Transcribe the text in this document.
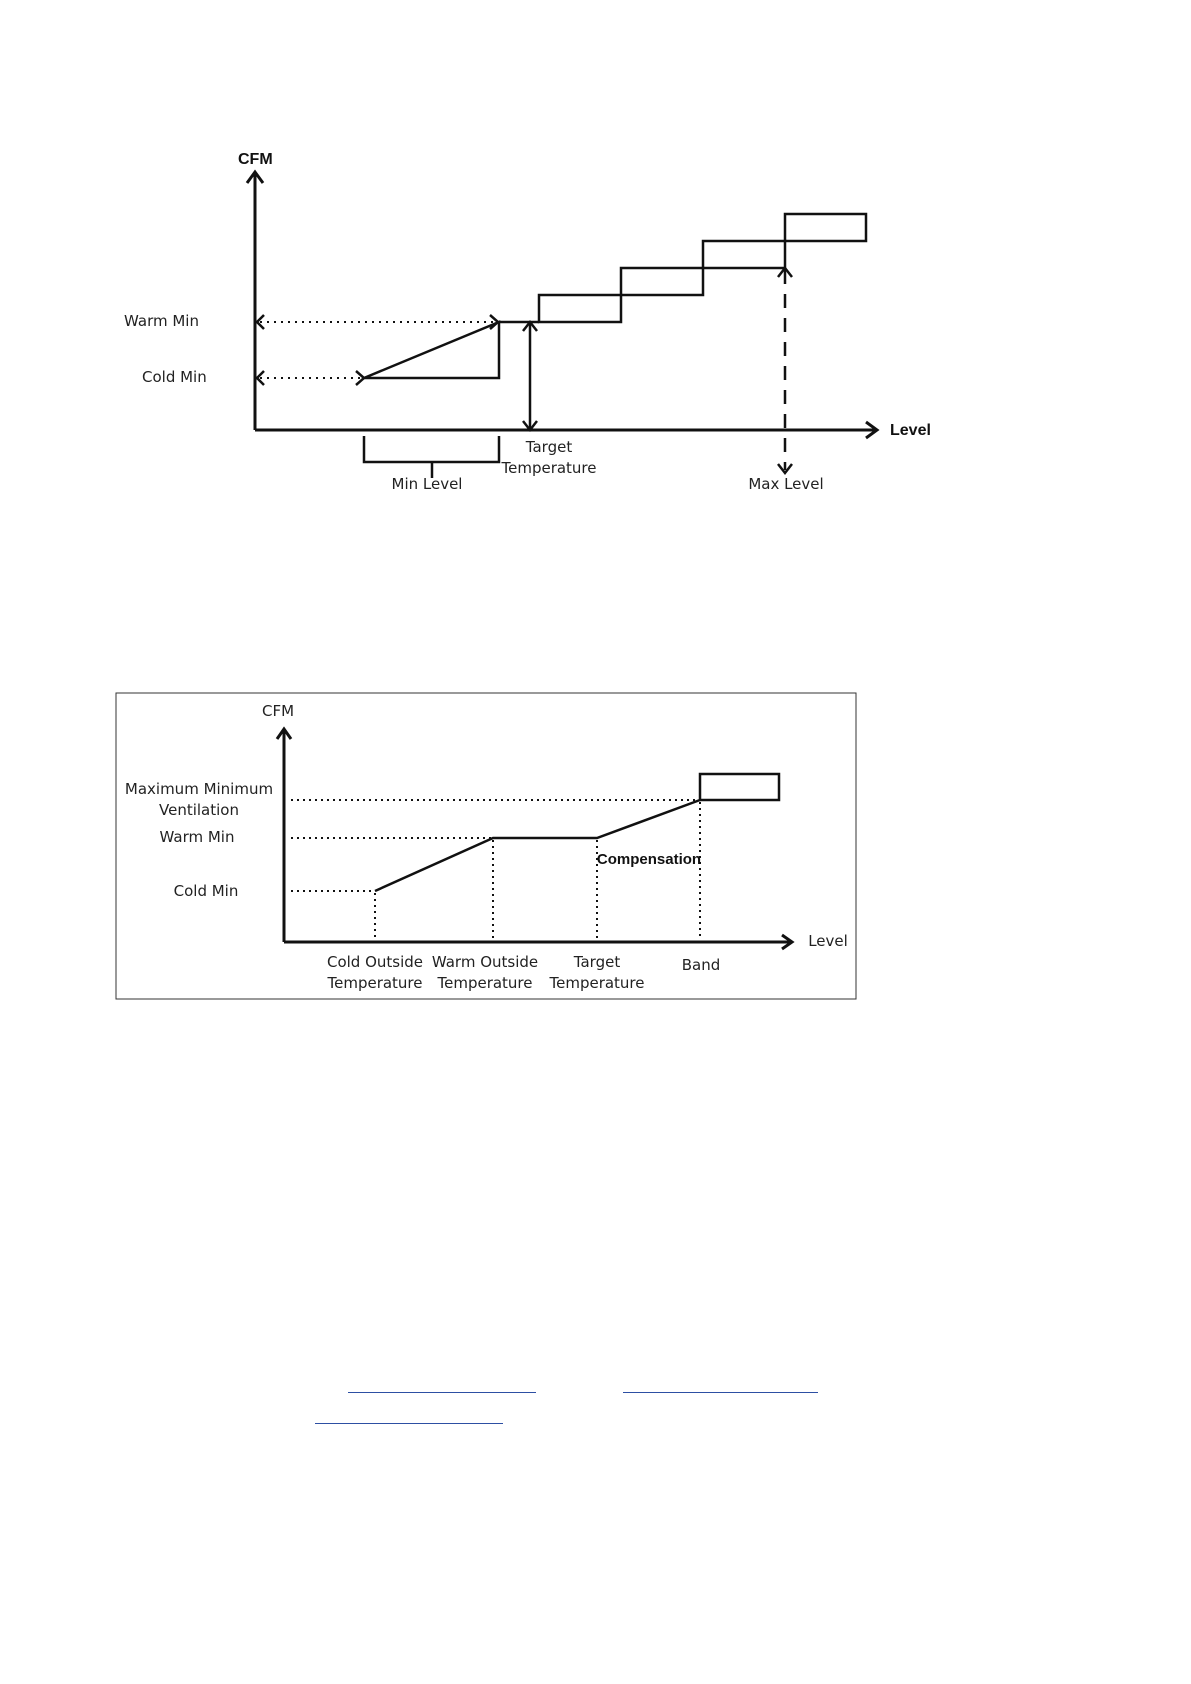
CFM
Level
Warm Min
Cold Min
Target
Temperature
Min Level	Max Level
CFM
Level
Maximum Minimum
Ventilation
Warm Min
Cold Min
Compensation
Cold Outside
Temperature
Warm Outside
Temperature
Target
Temperature
Band
